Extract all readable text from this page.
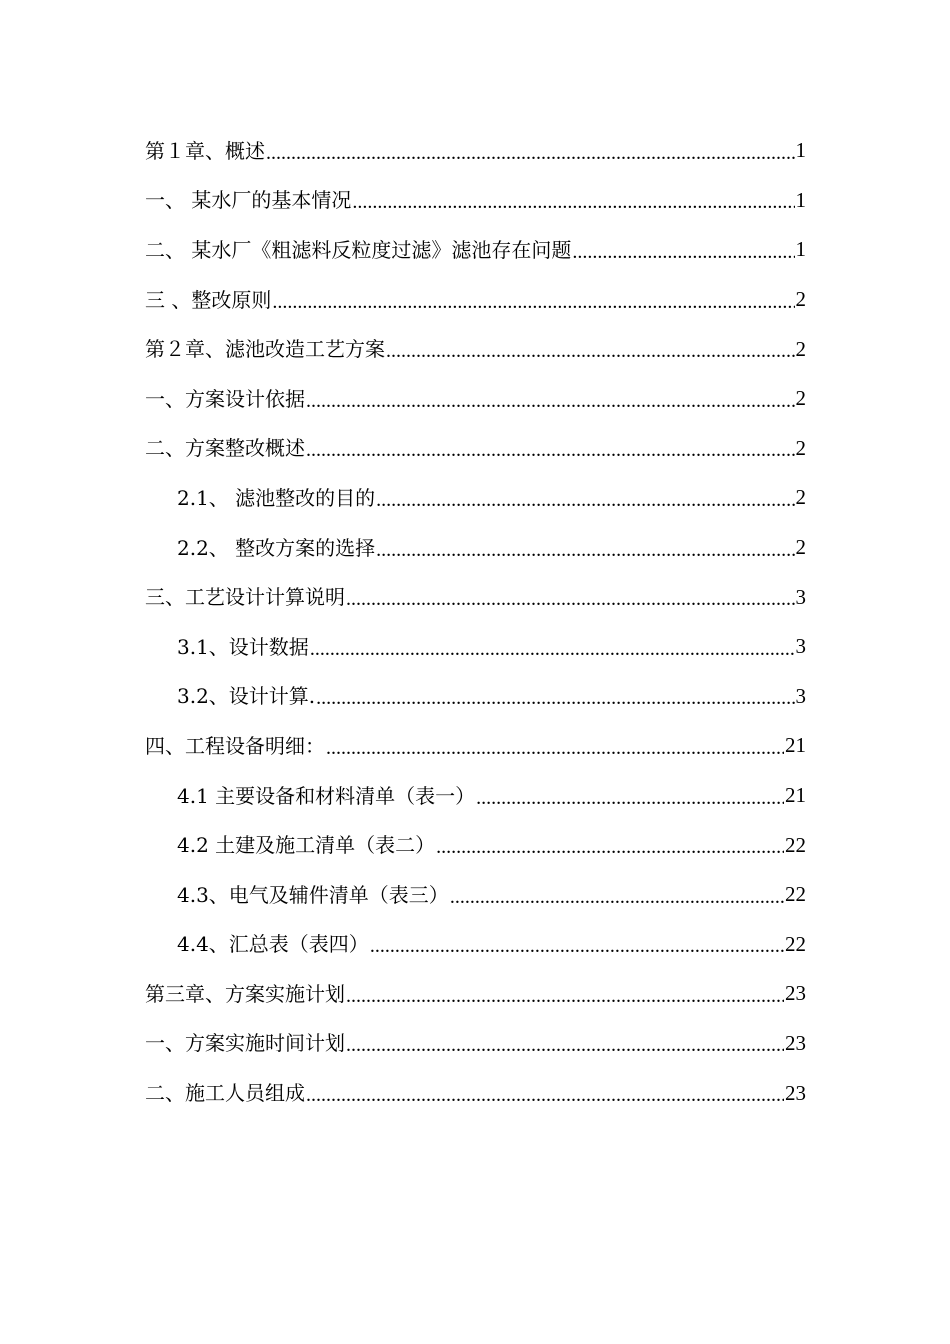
第１章、概述 .....	1
一、 某水厂的基本情况 .....	1
二、 某水厂《粗滤料反粒度过滤》滤池存在问题 .....	1
三 、整改原则 .....	2
第２章、滤池改造工艺方案 .....	2
一、方案设计依据 .....	2
二、方案整改概述 .....	2
2.1、 滤池整改的目的 .....	2
2.2、 整改方案的选择 .....	2
三、工艺设计计算说明 .....	3
3.1、设计数据 .....	3
3.2、设计计算. .....	3
四、工程设备明细： .....	21
4.1 主要设备和材料清单（表一） .....	21
4.2 土建及施工清单（表二） .....	22
4.3、电气及辅件清单（表三） .....	22
4.4、汇总表（表四） .....	22
第三章、方案实施计划 .....	23
一、方案实施时间计划 .....	23
二、施工人员组成 .....	23
